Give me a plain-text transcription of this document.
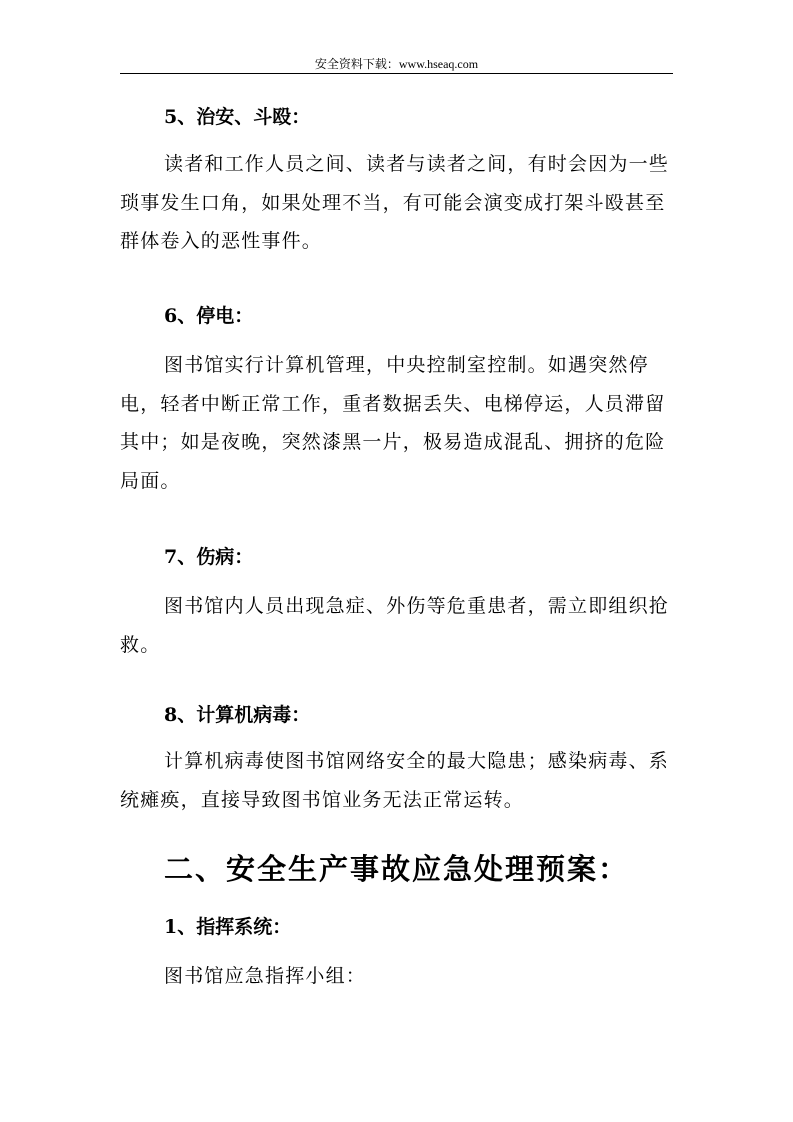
安全资料下载：www.hseaq.com
5、治安、斗殴：

读者和工作人员之间、读者与读者之间，有时会因为一些琐事发生口角，如果处理不当，有可能会演变成打架斗殴甚至群体卷入的恶性事件。

6、停电：

图书馆实行计算机管理，中央控制室控制。如遇突然停电，轻者中断正常工作，重者数据丢失、电梯停运，人员滞留其中；如是夜晚，突然漆黑一片，极易造成混乱、拥挤的危险局面。

7、伤病：

图书馆内人员出现急症、外伤等危重患者，需立即组织抢救。

8、计算机病毒：

计算机病毒使图书馆网络安全的最大隐患；感染病毒、系统瘫痪，直接导致图书馆业务无法正常运转。

二、安全生产事故应急处理预案：
1、指挥系统：

图书馆应急指挥小组：
